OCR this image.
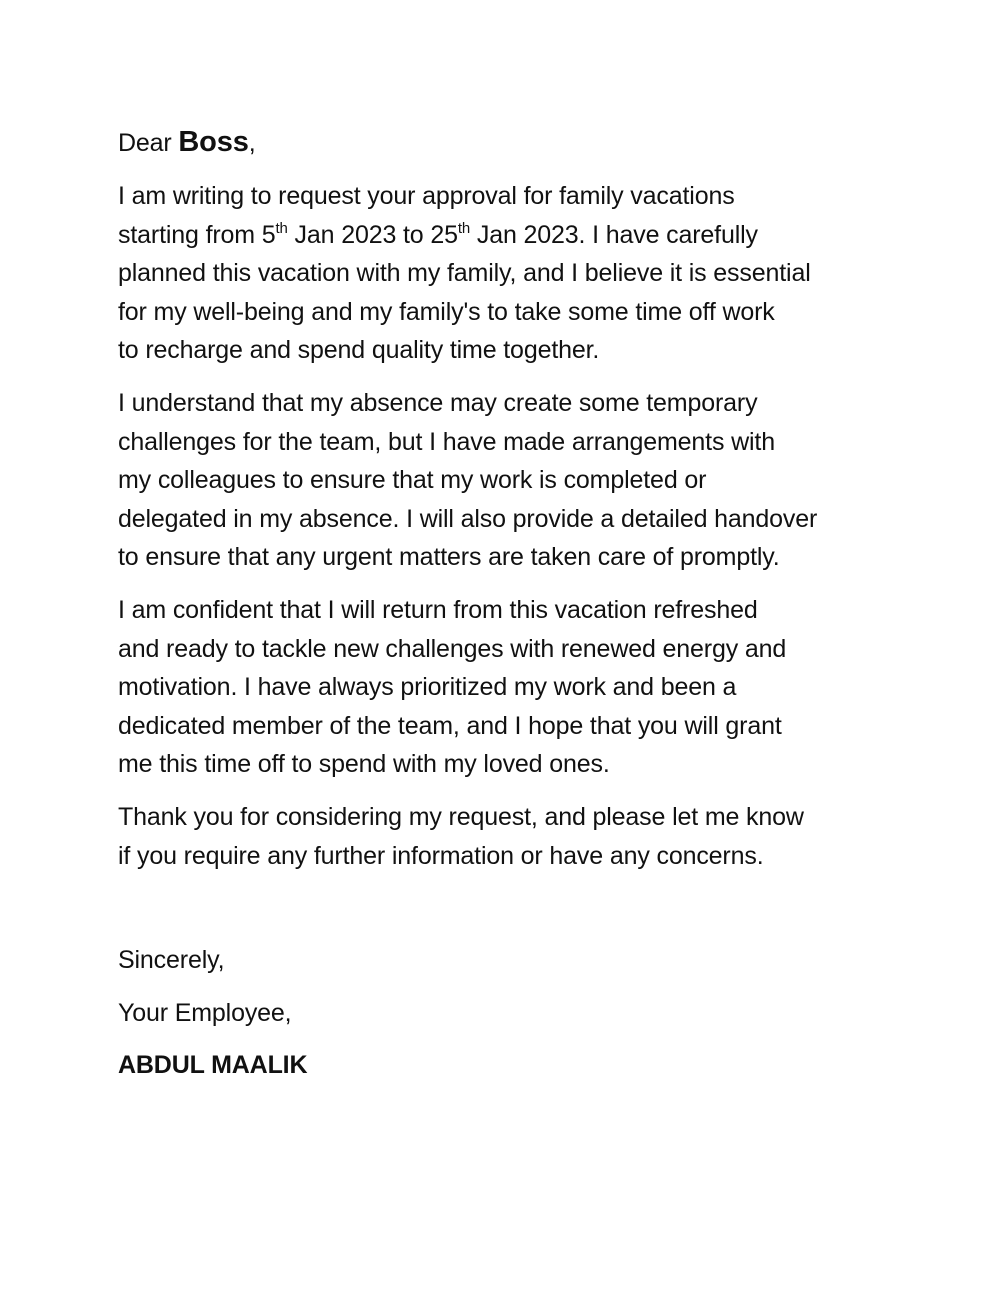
Dear Boss,
I am writing to request your approval for family vacations
starting from 5th Jan 2023 to 25th Jan 2023. I have carefully
planned this vacation with my family, and I believe it is essential
for my well-being and my family's to take some time off work
to recharge and spend quality time together.
I understand that my absence may create some temporary
challenges for the team, but I have made arrangements with
my colleagues to ensure that my work is completed or
delegated in my absence. I will also provide a detailed handover
to ensure that any urgent matters are taken care of promptly.
I am confident that I will return from this vacation refreshed
and ready to tackle new challenges with renewed energy and
motivation. I have always prioritized my work and been a
dedicated member of the team, and I hope that you will grant
me this time off to spend with my loved ones.
Thank you for considering my request, and please let me know
if you require any further information or have any concerns.
Sincerely,
Your Employee,
ABDUL MAALIK
